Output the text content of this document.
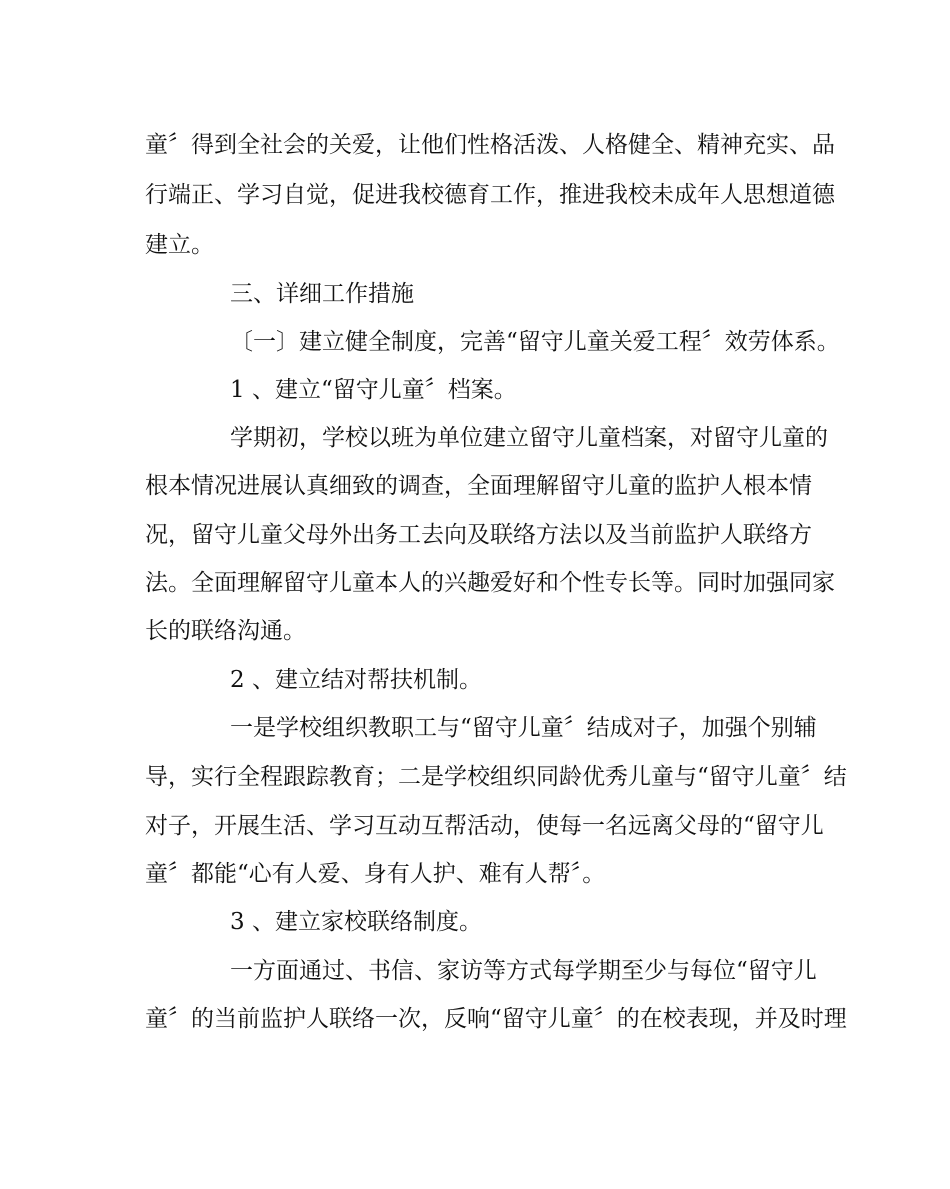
童〞得到全社会的关爱，让他们性格活泼、人格健全、精神充实、品
行端正、学习自觉，促进我校德育工作，推进我校未成年人思想道德
建立。
三、详细工作措施
〔一〕建立健全制度，完善“留守儿童关爱工程〞效劳体系。
1 、建立“留守儿童〞档案。
学期初，学校以班为单位建立留守儿童档案，对留守儿童的
根本情况进展认真细致的调查，全面理解留守儿童的监护人根本情
况，留守儿童父母外出务工去向及联络方法以及当前监护人联络方
法。全面理解留守儿童本人的兴趣爱好和个性专长等。同时加强同家
长的联络沟通。
2 、建立结对帮扶机制。
一是学校组织教职工与“留守儿童〞结成对子，加强个别辅
导，实行全程跟踪教育；二是学校组织同龄优秀儿童与“留守儿童〞结
对子，开展生活、学习互动互帮活动，使每一名远离父母的“留守儿
童〞都能“心有人爱、身有人护、难有人帮〞。
3 、建立家校联络制度。
一方面通过、书信、家访等方式每学期至少与每位“留守儿
童〞的当前监护人联络一次，反响“留守儿童〞的在校表现，并及时理
